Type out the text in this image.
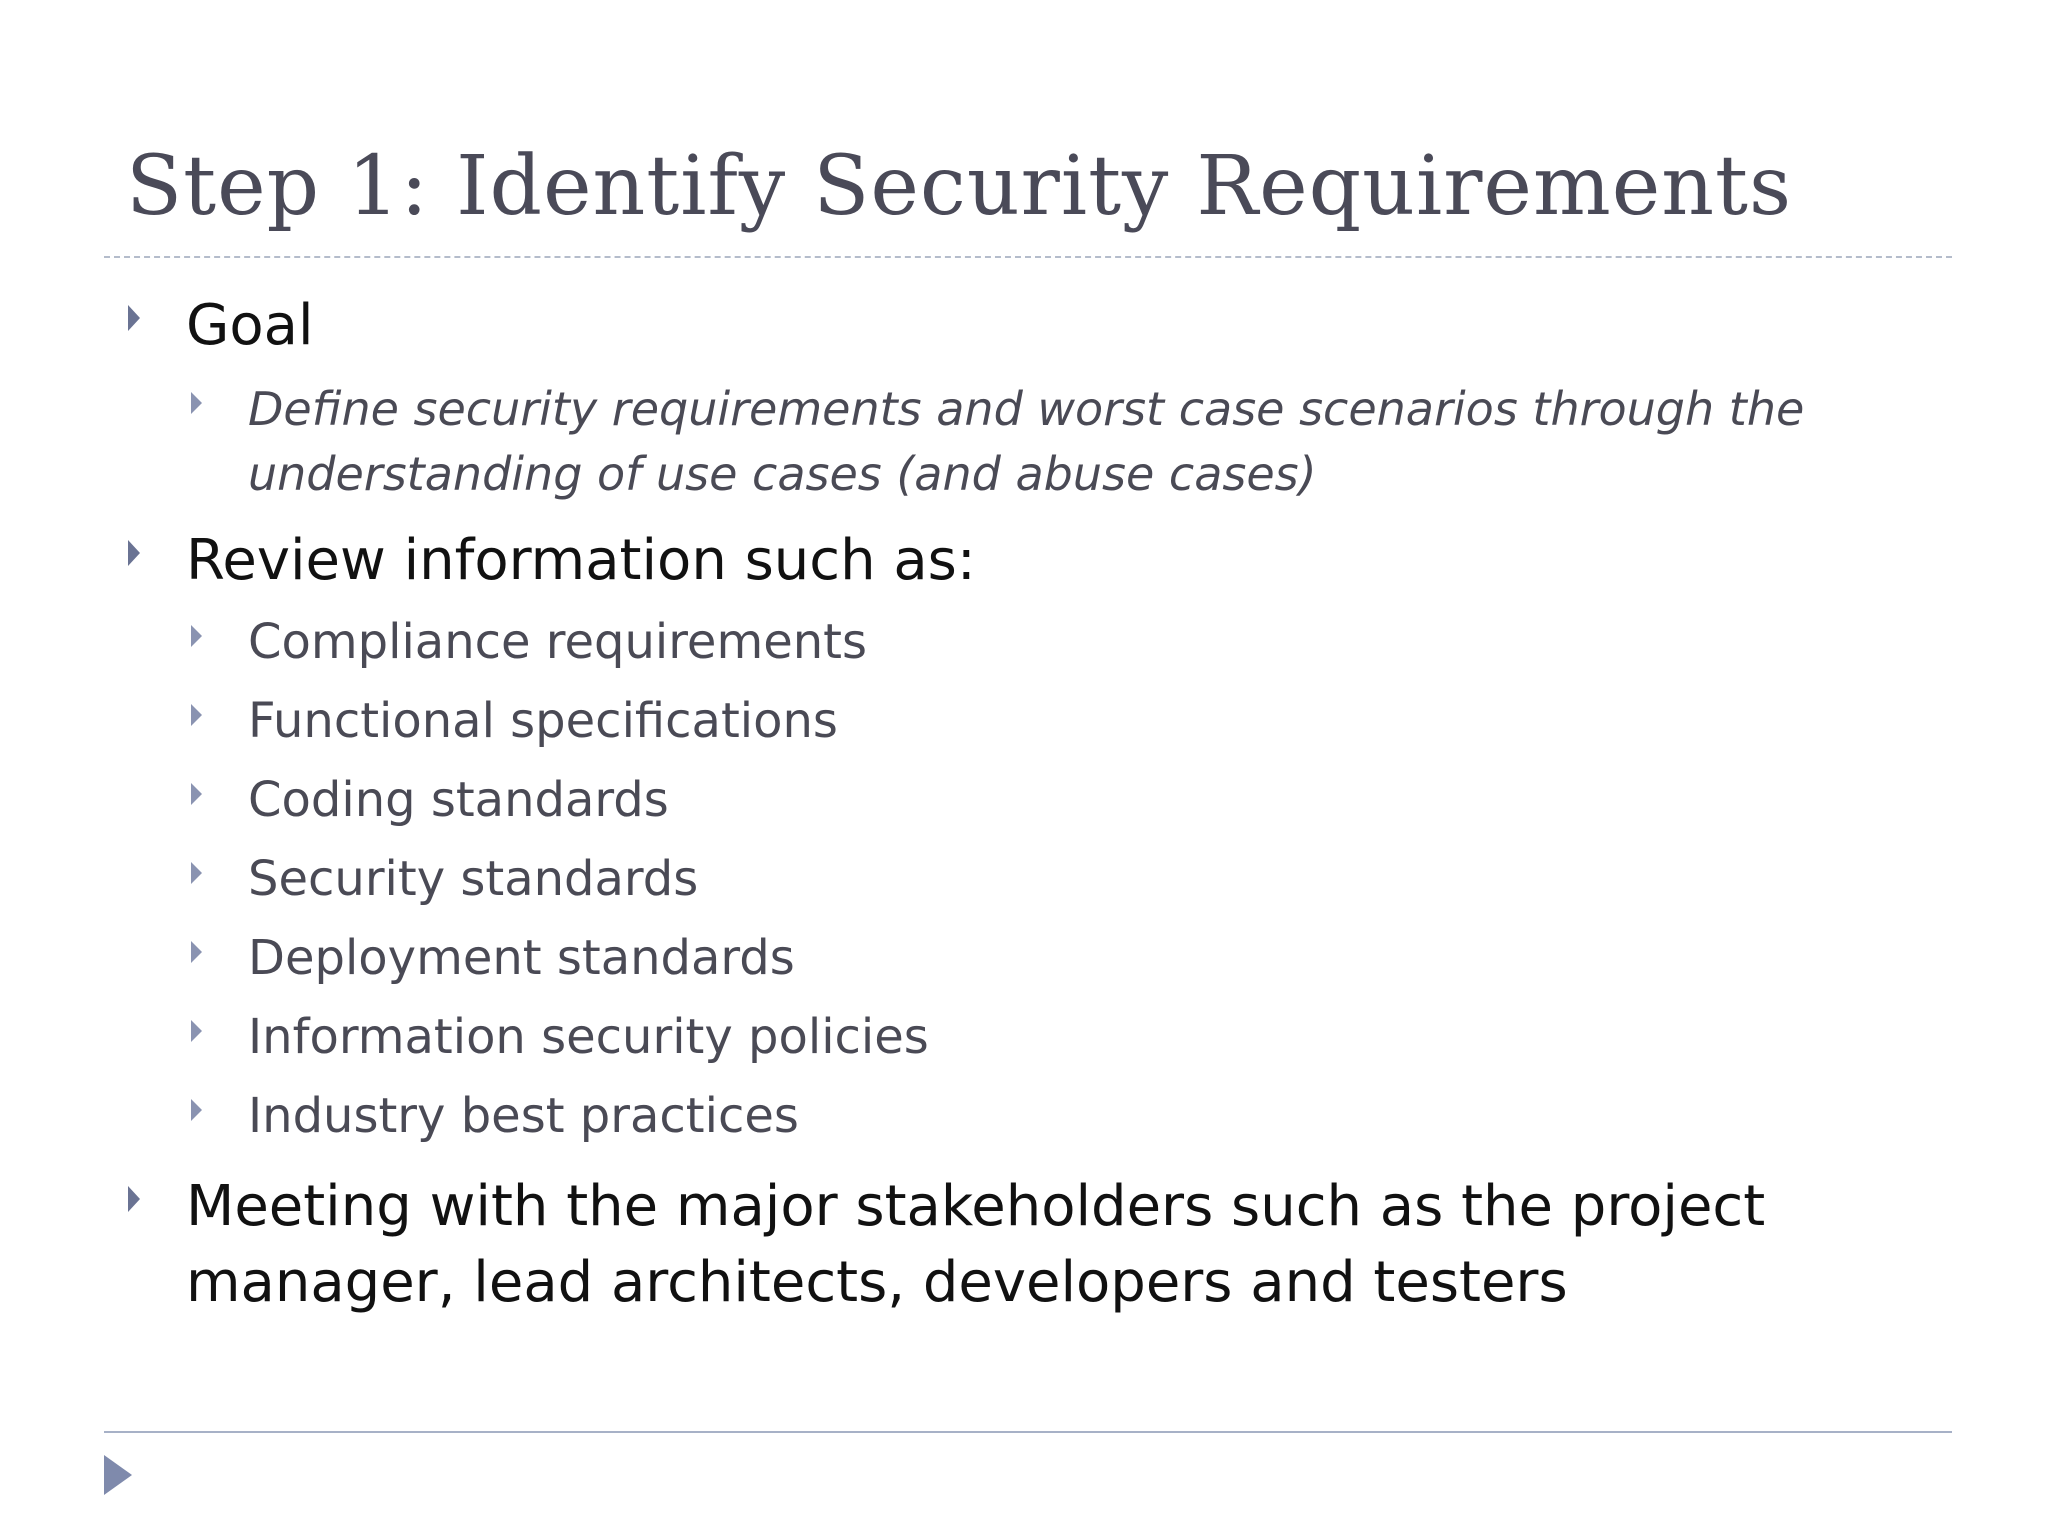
Step 1: Identify Security Requirements
Goal
Define security requirements and worst case scenarios through the
understanding of use cases (and abuse cases)
Review information such as:
Compliance requirements
Functional specifications
Coding standards
Security standards
Deployment standards
Information security policies
Industry best practices
Meeting with the major stakeholders such as the project
manager, lead architects, developers and testers
